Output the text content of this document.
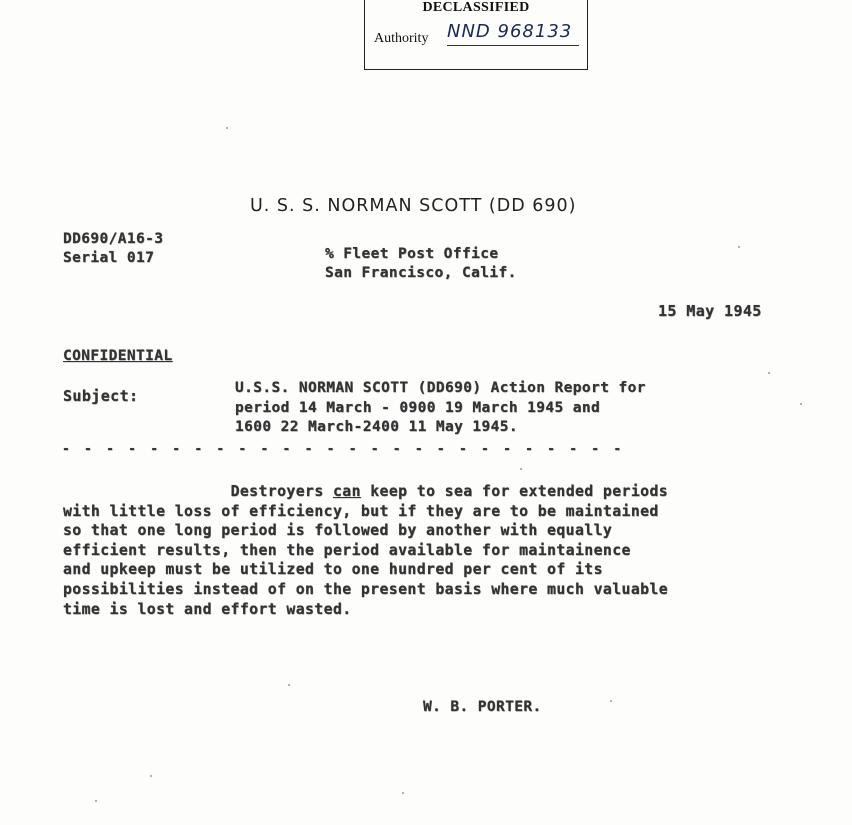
DECLASSIFIED
Authority NND 968133
U. S. S. NORMAN SCOTT (DD 690)
DD690/A16-3
Serial 017	% Fleet Post Office
San Francisco, Calif.
15 May 1945
CONFIDENTIAL
Subject:	U.S.S. NORMAN SCOTT (DD690) Action Report for
period 14 March - 0900 19 March 1945 and
1600 22 March-2400 11 May 1945.
- - - - - - - - - - - - - - - - - - - - - - - - - -
Destroyers can keep to sea for extended periods
with little loss of efficiency, but if they are to be maintained
so that one long period is followed by another with equally
efficient results, then the period available for maintainence
and upkeep must be utilized to one hundred per cent of its
possibilities instead of on the present basis where much valuable
time is lost and effort wasted.
W. B. PORTER.
